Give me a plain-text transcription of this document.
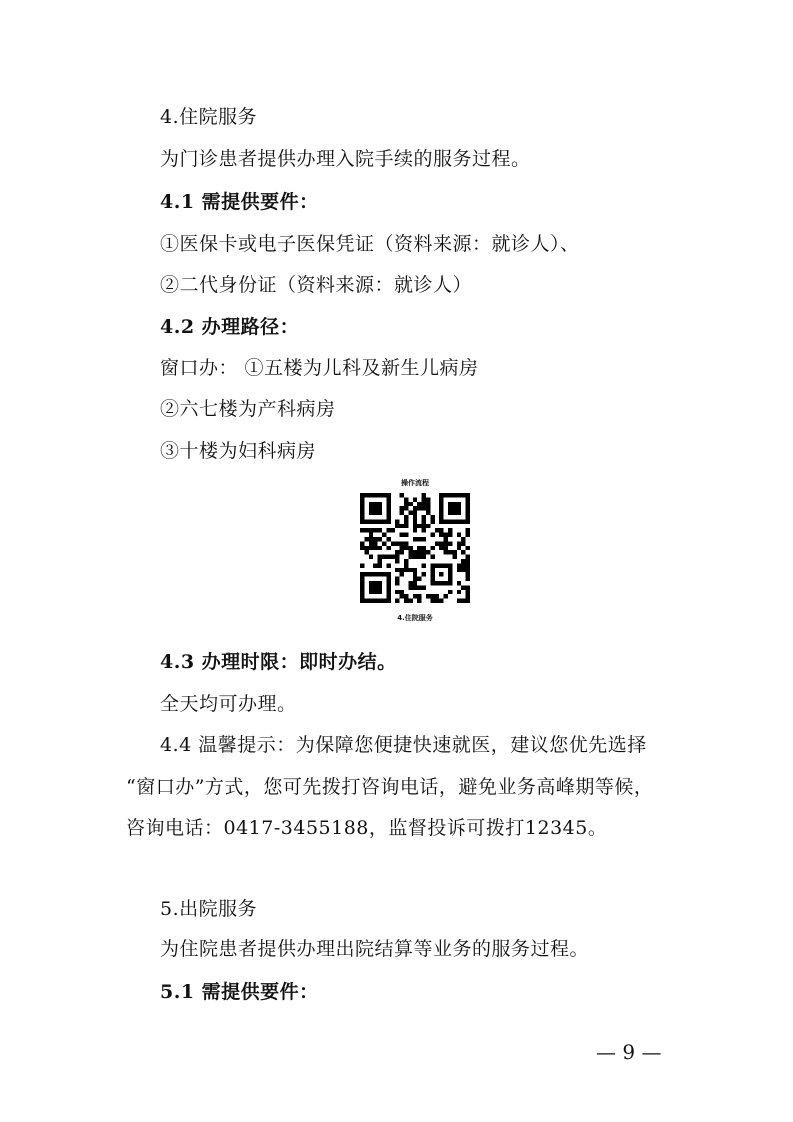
4.住院服务
为门诊患者提供办理入院手续的服务过程。
4.1 需提供要件：
①医保卡或电子医保凭证（资料来源：就诊人）、
②二代身份证（资料来源：就诊人）
4.2 办理路径：
窗口办： ①五楼为儿科及新生儿病房
②六七楼为产科病房
③十楼为妇科病房
操作流程
4.住院服务
4.3 办理时限：即时办结。
全天均可办理。
4.4 温馨提示：为保障您便捷快速就医，建议您优先选择
“窗口办”方式，您可先拨打咨询电话，避免业务高峰期等候，
咨询电话：0417-3455188，监督投诉可拨打12345。
5.出院服务
为住院患者提供办理出院结算等业务的服务过程。
5.1 需提供要件：
— 9 —
